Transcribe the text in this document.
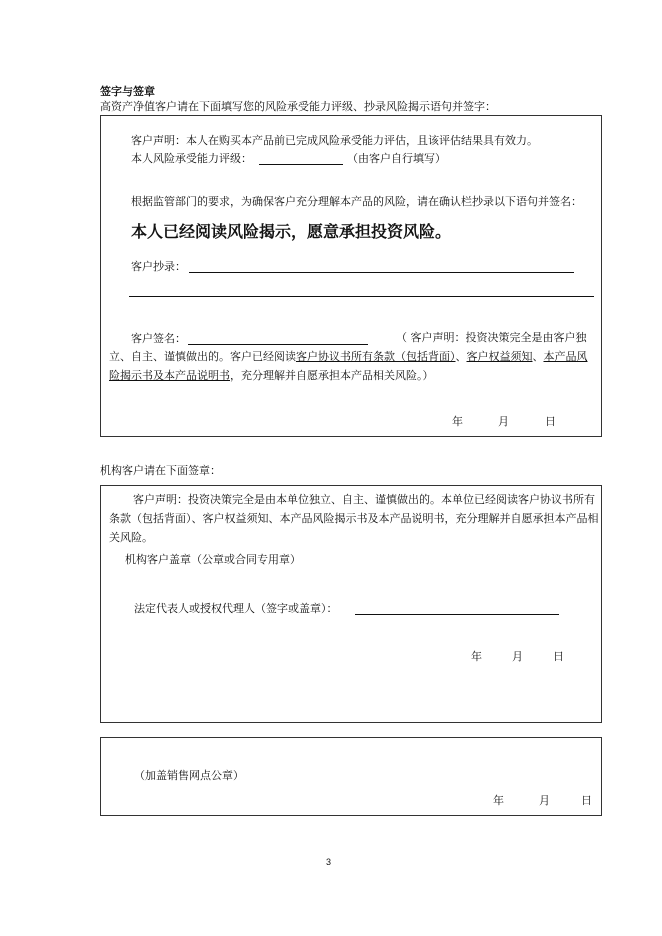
签字与签章
高资产净值客户请在下面填写您的风险承受能力评级、抄录风险揭示语句并签字：
客户声明：本人在购买本产品前已完成风险承受能力评估，且该评估结果具有效力。
本人风险承受能力评级：	（由客户自行填写）
根据监管部门的要求，为确保客户充分理解本产品的风险，请在确认栏抄录以下语句并签名：
本人已经阅读风险揭示，愿意承担投资风险。
客户抄录：
客户签名：	（ 客户声明：投资决策完全是由客户独立、自主、谨慎做出的。客户已经阅读客户协议书所有条款（包括背面）、客户权益须知、本产品风险揭示书及本产品说明书，充分理解并自愿承担本产品相关风险。）
年	月	日
机构客户请在下面签章：
客户声明：投资决策完全是由本单位独立、自主、谨慎做出的。本单位已经阅读客户协议书所有条款（包括背面）、客户权益须知、本产品风险揭示书及本产品说明书，充分理解并自愿承担本产品相关风险。
机构客户盖章（公章或合同专用章）
法定代表人或授权代理人（签字或盖章）：
年	月	日
（加盖销售网点公章）
年	月	日
3
